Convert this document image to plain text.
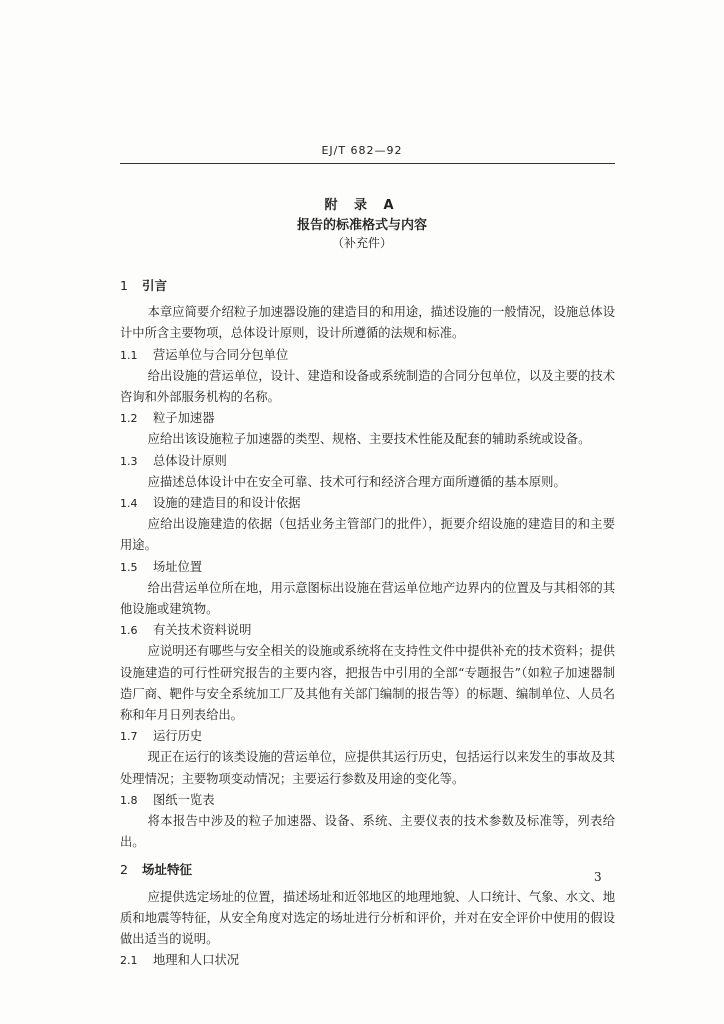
EJ/T 682—92
附 录 A
报告的标准格式与内容
（补充件）
1 引言

本章应简要介绍粒子加速器设施的建造目的和用途，描述设施的一般情况，设施总体设计中所含主要物项，总体设计原则，设计所遵循的法规和标准。

1.1 营运单位与合同分包单位

给出设施的营运单位，设计、建造和设备或系统制造的合同分包单位，以及主要的技术咨询和外部服务机构的名称。

1.2 粒子加速器

应给出该设施粒子加速器的类型、规格、主要技术性能及配套的辅助系统或设备。

1.3 总体设计原则

应描述总体设计中在安全可靠、技术可行和经济合理方面所遵循的基本原则。

1.4 设施的建造目的和设计依据

应给出设施建造的依据（包括业务主管部门的批件），扼要介绍设施的建造目的和主要用途。

1.5 场址位置

给出营运单位所在地，用示意图标出设施在营运单位地产边界内的位置及与其相邻的其他设施或建筑物。

1.6 有关技术资料说明

应说明还有哪些与安全相关的设施或系统将在支持性文件中提供补充的技术资料；提供设施建造的可行性研究报告的主要内容，把报告中引用的全部“专题报告”（如粒子加速器制造厂商、靶件与安全系统加工厂及其他有关部门编制的报告等）的标题、编制单位、人员名称和年月日列表给出。

1.7 运行历史

现正在运行的该类设施的营运单位，应提供其运行历史，包括运行以来发生的事故及其处理情况；主要物项变动情况；主要运行参数及用途的变化等。

1.8 图纸一览表

将本报告中涉及的粒子加速器、设备、系统、主要仪表的技术参数及标准等，列表给出。

2 场址特征

应提供选定场址的位置，描述场址和近邻地区的地理地貌、人口统计、气象、水文、地质和地震等特征，从安全角度对选定的场址进行分析和评价，并对在安全评价中使用的假设做出适当的说明。

2.1 地理和人口状况
3
